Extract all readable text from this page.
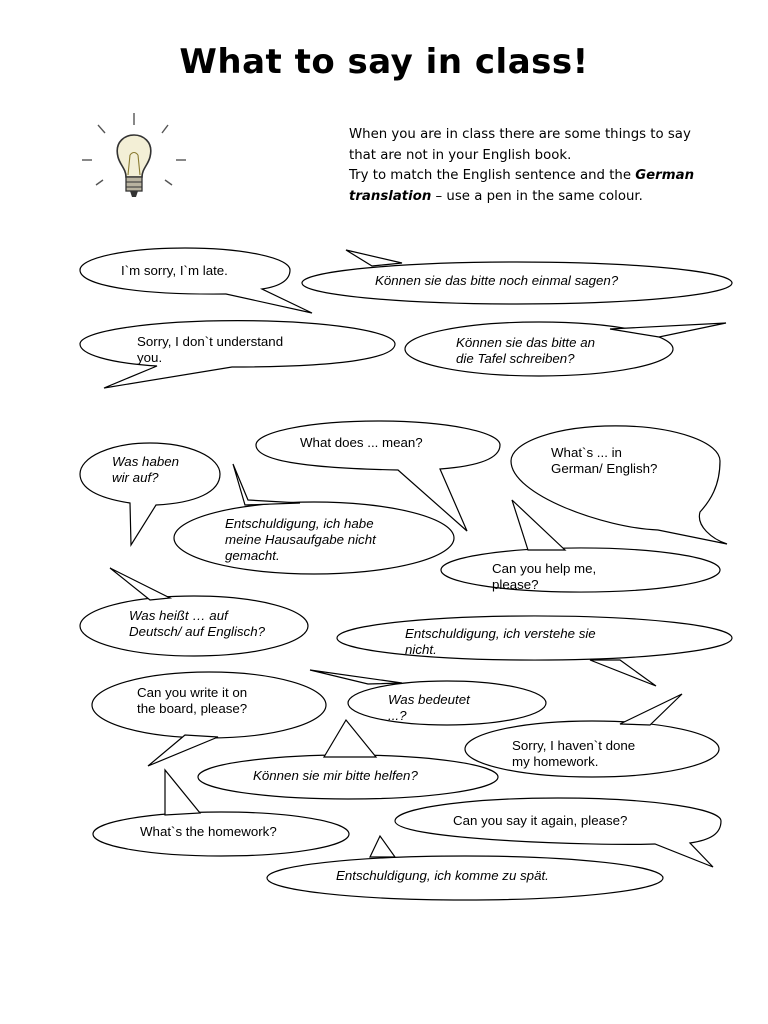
What to say in class!
When you are in class there are some things to say
that are not in your English book.
Try to match the English sentence and the German
translation – use a pen in the same colour.
I`m sorry, I`m late.
Können sie das bitte noch einmal sagen?
Sorry, I don`t understand
you.
Können sie das bitte an
die Tafel schreiben?
What does ... mean?
Was haben
wir auf?
What`s ... in
German/ English?
Entschuldigung, ich habe
meine Hausaufgabe nicht
gemacht.
Can you help me,
please?
Was heißt … auf
Deutsch/ auf Englisch?	Entschuldigung, ich verstehe sie
nicht.
Can you write it on
the board, please?
Was bedeutet
...?
Sorry, I haven`t done
my homework.
Können sie mir bitte helfen?
What`s the homework?
Can you say it again, please?
Entschuldigung, ich komme zu spät.
